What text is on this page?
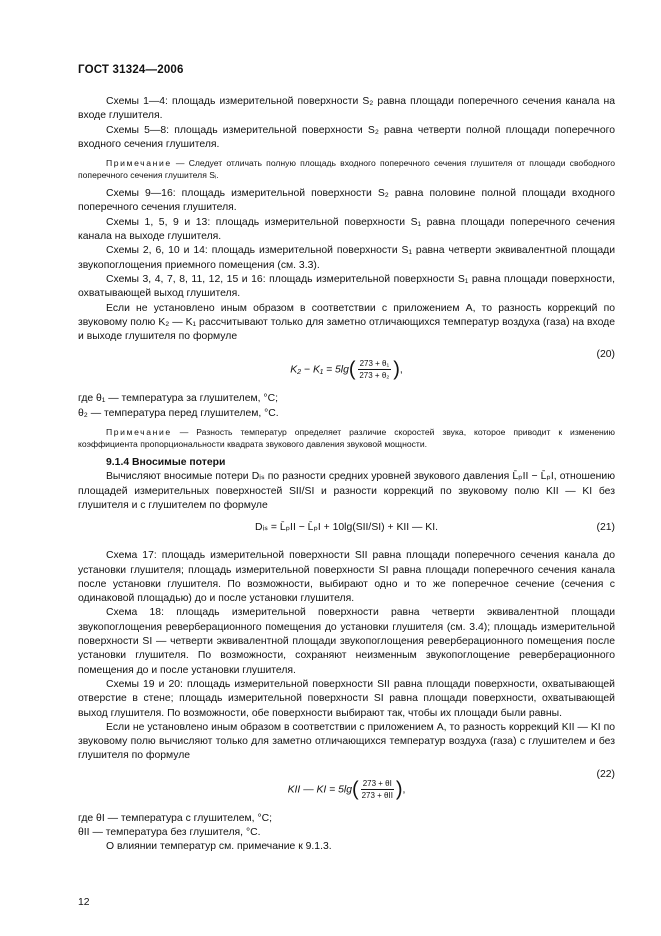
ГОСТ 31324—2006

Схемы 1—4: площадь измерительной поверхности S₂ равна площади поперечного сечения канала на входе глушителя.

Схемы 5—8: площадь измерительной поверхности S₂ равна четверти полной площади поперечного входного сечения глушителя.

Примечание — Следует отличать полную площадь входного поперечного сечения глушителя от площади свободного поперечного сечения глушителя Sᵢ.

Схемы 9—16: площадь измерительной поверхности S₂ равна половине полной площади входного поперечного сечения глушителя.

Схемы 1, 5, 9 и 13: площадь измерительной поверхности S₁ равна площади поперечного сечения канала на выходе глушителя.

Схемы 2, 6, 10 и 14: площадь измерительной поверхности S₁ равна четверти эквивалентной площади звукопоглощения приемного помещения (см. 3.3).

Схемы 3, 4, 7, 8, 11, 12, 15 и 16: площадь измерительной поверхности S₁ равна площади поверхности, охватывающей выход глушителя.

Если не установлено иным образом в соответствии с приложением А, то разность коррекций по звуковому полю K₂ — K₁ рассчитывают только для заметно отличающихся температур воздуха (газа) на входе и выходе глушителя по формуле

$K_2 - K_1 = 5\lg( \frac{\text{273 + θ₁}}{\text{273 + θ₂}}$ ),
(20)

где θ₁ — температура за глушителем, °С;

θ₂ — температура перед глушителем, °С.

Примечание — Разность температур определяет различие скоростей звука, которое приводит к изменению коэффициента пропорциональности квадрата звукового давления звуковой мощности.

9.1.4 Вносимые потери

Вычисляют вносимые потери Dᵢₛ по разности средних уровней звукового давления L̄ₚII − L̄ₚI, отношению площадей измерительных поверхностей SII/SI и разности коррекций по звуковому полю KII — KI без глушителя и с глушителем по формуле

Dᵢₛ = L̄ₚII − L̄ₚI + 10lg(SII/SI) + KII — KI.	(21)

Схема 17: площадь измерительной поверхности SII равна площади поперечного сечения канала до установки глушителя; площадь измерительной поверхности SI равна площади поперечного сечения канала после установки глушителя. По возможности, выбирают одно и то же поперечное сечение (сечения с одинаковой площадью) до и после установки глушителя.

Схема 18: площадь измерительной поверхности равна четверти эквивалентной площади звукопоглощения реверберационного помещения до установки глушителя (см. 3.4); площадь измерительной поверхности SI — четверти эквивалентной площади звукопоглощения реверберационного помещения после установки глушителя. По возможности, сохраняют неизменным звукопоглощение реверберационного помещения до и после установки глушителя.

Схемы 19 и 20: площадь измерительной поверхности SII равна площади поверхности, охватывающей отверстие в стене; площадь измерительной поверхности SI равна площади поверхности, охватывающей выход глушителя. По возможности, обе поверхности выбирают так, чтобы их площади были равны.

Если не установлено иным образом в соответствии с приложением А, то разность коррекций KII — KI по звуковому полю вычисляют только для заметно отличающихся температур воздуха (газа) с глушителем и без глушителя по формуле

KII — KI = 5lg( 273 + θI
273 + θII ),
(22)

где θI — температура с глушителем, °С;

θII — температура без глушителя, °С.

О влиянии температур см. примечание к 9.1.3.

12
